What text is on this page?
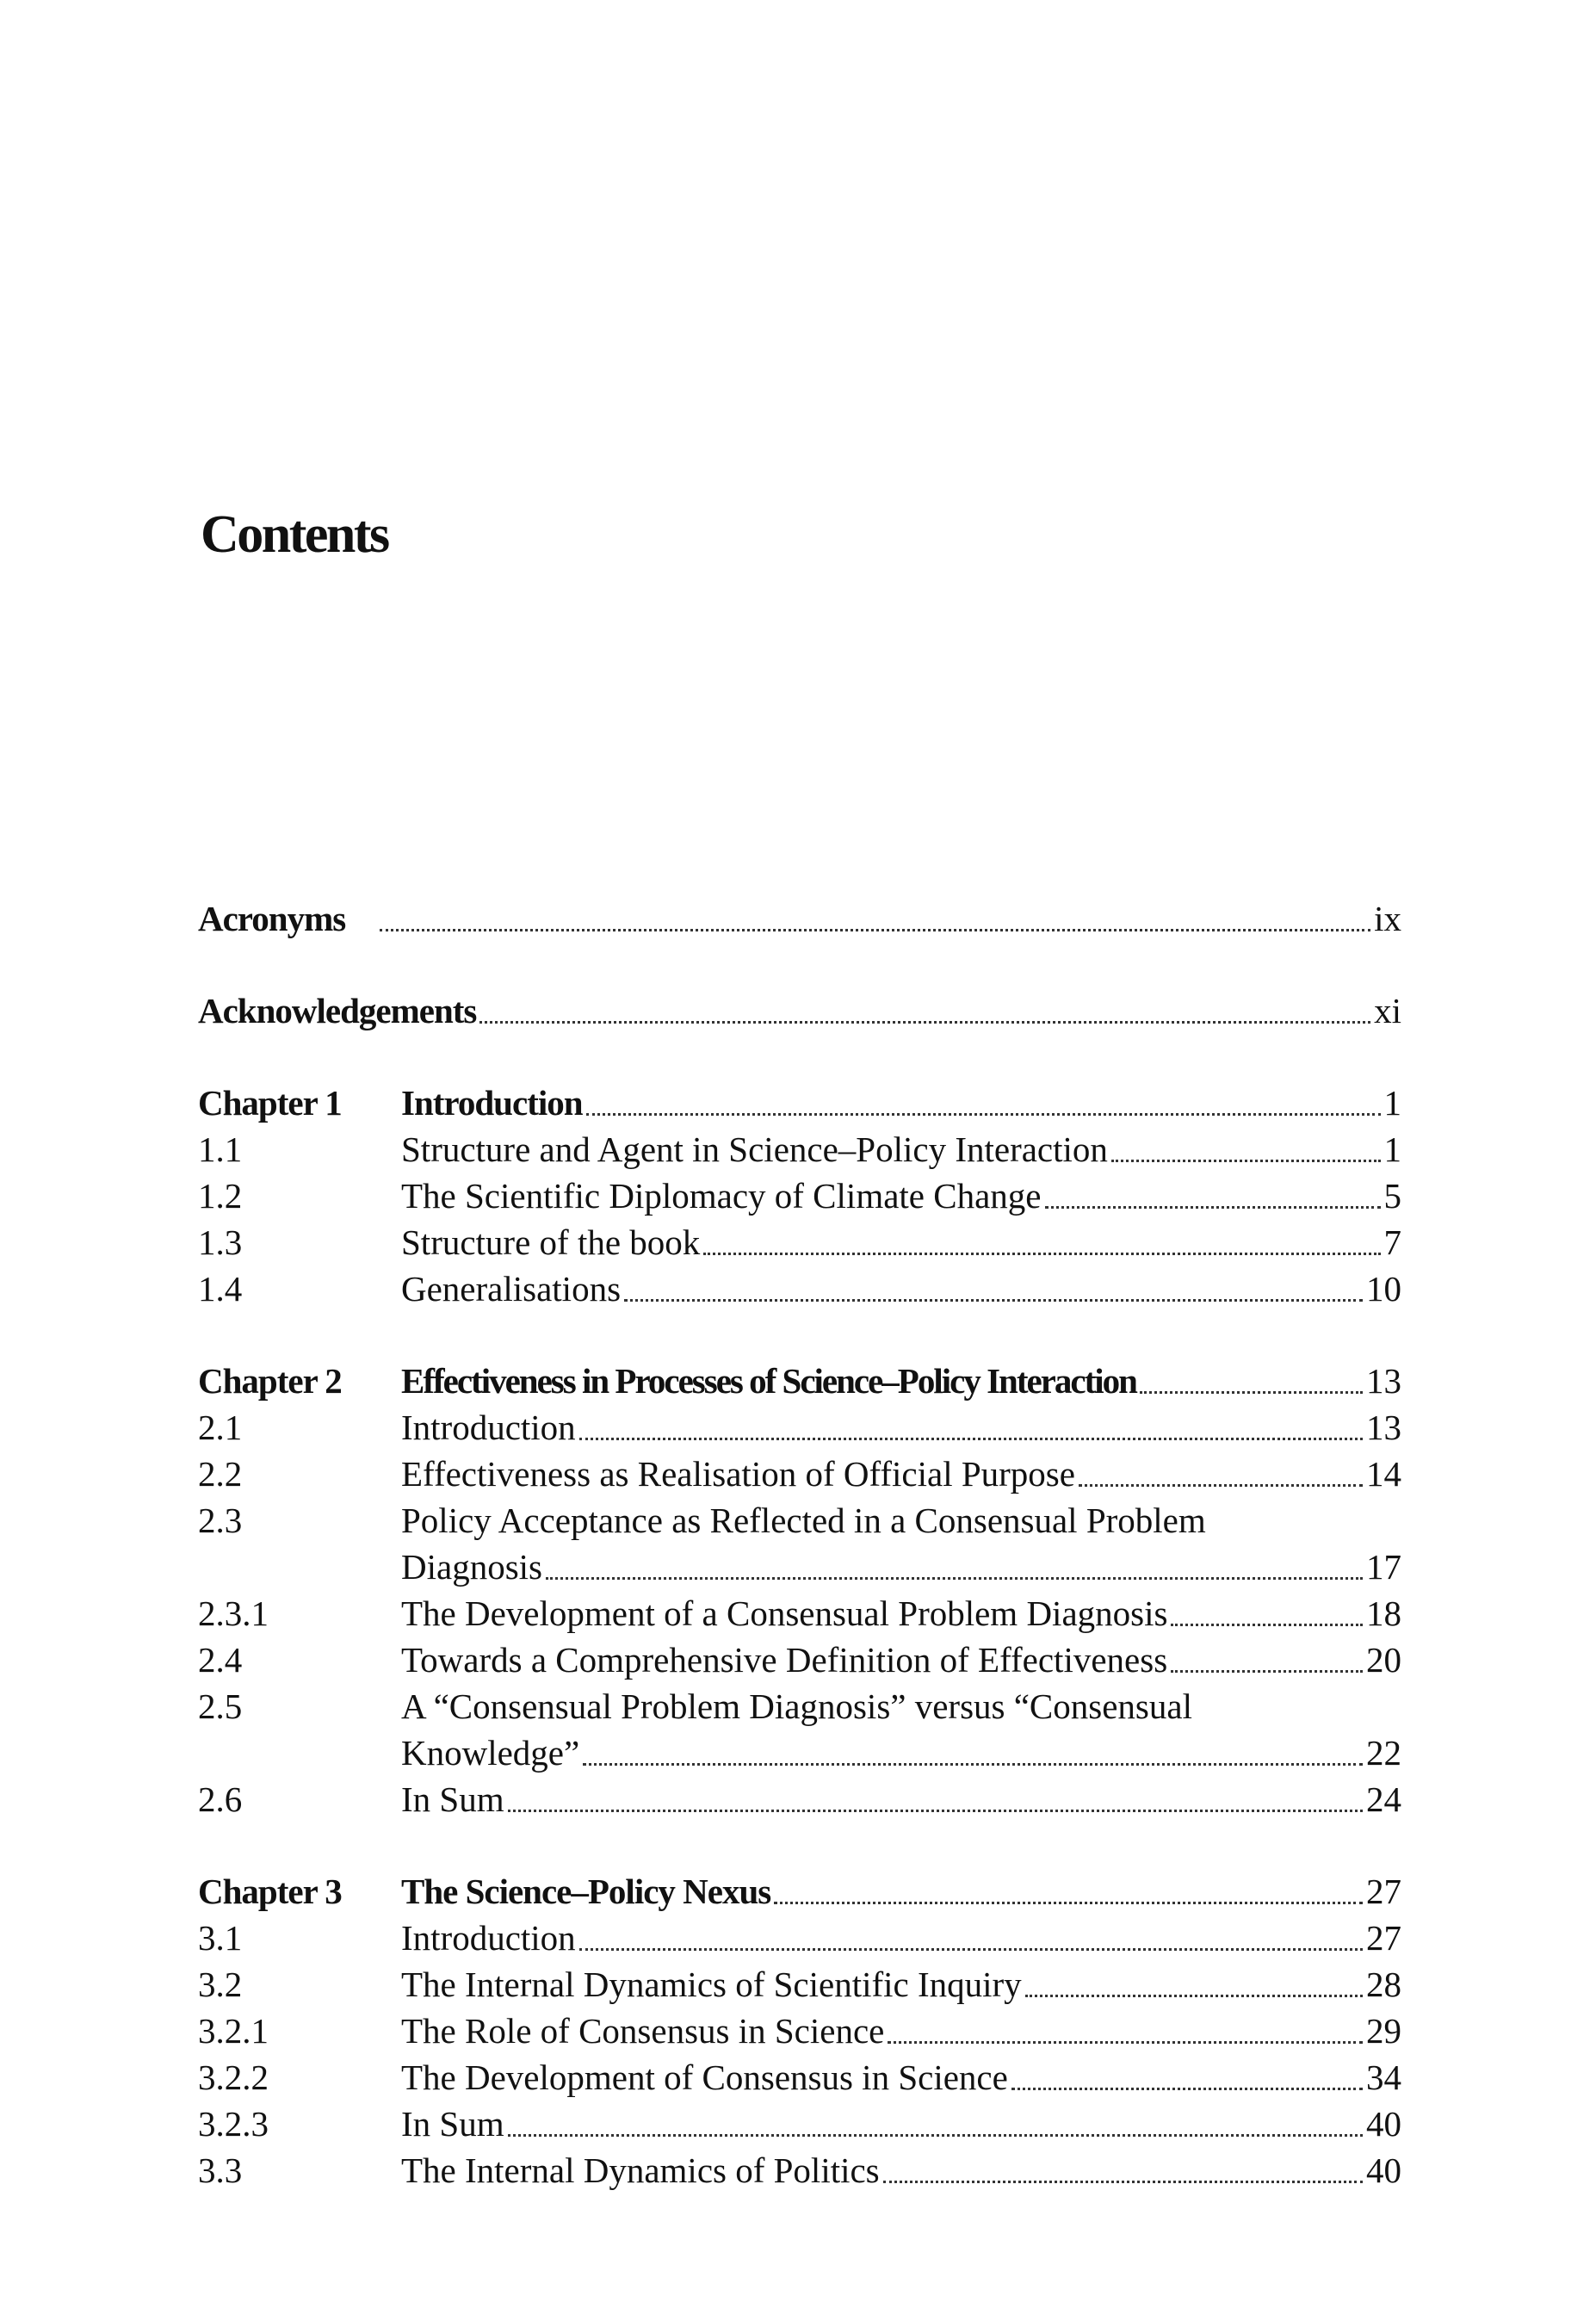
Contents
Acronyms	ix
Acknowledgements	xi
Chapter 1	Introduction	1
1.1	Structure and Agent in Science–Policy Interaction	1
1.2	The Scientific Diplomacy of Climate Change	5
1.3	Structure of the book	7
1.4	Generalisations	10
Chapter 2	Effectiveness in Processes of Science–Policy Interaction	13
2.1	Introduction	13
2.2	Effectiveness as Realisation of Official Purpose	14
2.3	Policy Acceptance as Reflected in a Consensual Problem
Diagnosis	17
2.3.1	The Development of a Consensual Problem Diagnosis	18
2.4	Towards a Comprehensive Definition of Effectiveness	20
2.5	A “Consensual Problem Diagnosis” versus “Consensual
Knowledge”	22
2.6	In Sum	24
Chapter 3	The Science–Policy Nexus	27
3.1	Introduction	27
3.2	The Internal Dynamics of Scientific Inquiry	28
3.2.1	The Role of Consensus in Science	29
3.2.2	The Development of Consensus in Science	34
3.2.3	In Sum	40
3.3	The Internal Dynamics of Politics	40
